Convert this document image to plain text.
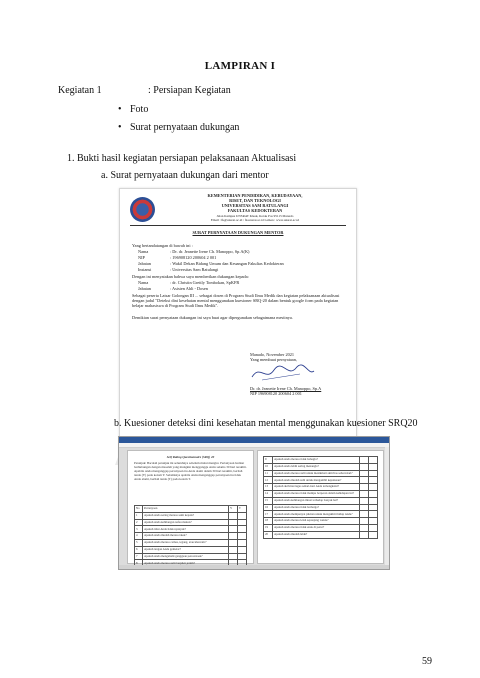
LAMPIRAN I
Kegiatan 1	: Persiapan Kegiatan
• Foto
• Surat pernyataan dukungan
1. Bukti hasil kegiatan persiapan pelaksanaan Aktualisasi
a. Surat pernyataan dukungan dari mentor
KEMENTERIAN PENDIDIKAN, KEBUDAYAAN,
RISET, DAN TEKNOLOGI
UNIVERSITAS SAM RATULANGI
FAKULTAS KEDOKTERAN
Jalan Kampus UNSRAT Kleak, Kotak Pos 95115 Manado
Email : fk@unsrat.ac.id / fk.unsrat.ac.id Laman : www.unsrat.ac.id
SURAT PERNYATAAN DUKUNGAN MENTOR
Yang bertandatangan di bawah ini :
Nama	: Dr. dr. Jeanette Irene Ch. Manoppo, Sp.A(K)
NIP	: 196908120 200604 2 001
Jabatan	: Wakil Dekan Bidang Umum dan Keuangan Fakultas Kedokteran
Instansi	: Universitas Sam Ratulangi
Dengan ini menyatakan bahwa saya memberikan dukungan kepada:
Nama	: dr. Christin Grettly Tombokan, SpKFR
Jabatan	: Asisten Ahli - Dosen
Sebagai peserta Latsar Golongan III ... sebagai dosen di Program Studi Ilmu Medik dan kegiatan pelaksanaan aktualisasi dengan judul "Deteksi dini kesehatan mental menggunakan kuesioner SRQ-20 dalam bentuk google form pada kegiatan belajar mahasiswa di Program Studi Ilmu Medik".
Demikian surat pernyataan dukungan ini saya buat agar dipergunakan sebagaimana mestinya.
Manado, November 2021
Yang membuat pernyataan,
Dr. dr. Jeanette Irene Ch. Manoppo, Sp.A
NIP 196908120 200604 2 001
b. Kuesioner deteksi dini kesehatan mental menggunakan kuesioner SRQ20
Self Rating Questionnaire (SRQ) 20
Petunjuk: Bacalah petunjuk ini seluruhnya sebelum mulai mengisi. Pertanyaan berikut berhubungan dengan masalah yang mungkin mengganggu Anda selama 30 hari terakhir. Apabila Anda menganggap pertanyaan itu Anda alami dalam 30 hari terakhir, berilah tanda (Y) pada kolom Y. Sebaliknya apabila Anda menganggap pertanyaan itu tidak Anda alami, berilah tanda (T) pada kolom T.
No	Pertanyaan	Y	T
1	Apakah Anda sering merasa sakit kepala?		
2	Apakah Anda kehilangan nafsu makan?		
3	Apakah tidur Anda tidak nyenyak?		
4	Apakah Anda mudah merasa takut?		
5	Apakah Anda merasa cemas, tegang, atau khawatir?		
6	Apakah tangan Anda gemetar?		
7	Apakah Anda mengalami gangguan pencernaan?		
8	Apakah Anda merasa sulit berpikir jernih?		
9	Apakah Anda merasa tidak bahagia?		
10	Apakah Anda lebih sering menangis?		
11	Apakah Anda merasa sulit untuk menikmati aktivitas sehari-hari?		
12	Apakah Anda mudah sulit untuk mengambil keputusan?		
13	Apakah aktivitas/tugas sehari-hari Anda terbengkalai?		
14	Apakah Anda merasa tidak mampu berperan dalam kehidupan ini?		
15	Apakah Anda kehilangan minat terhadap banyak hal?		
16	Apakah Anda merasa tidak berharga?		
17	Apakah Anda mempunyai pikiran untuk mengakhiri hidup Anda?		
18	Apakah Anda merasa lelah sepanjang waktu?		
19	Apakah Anda merasa tidak enak di perut?		
20	Apakah Anda mudah lelah?		
59
